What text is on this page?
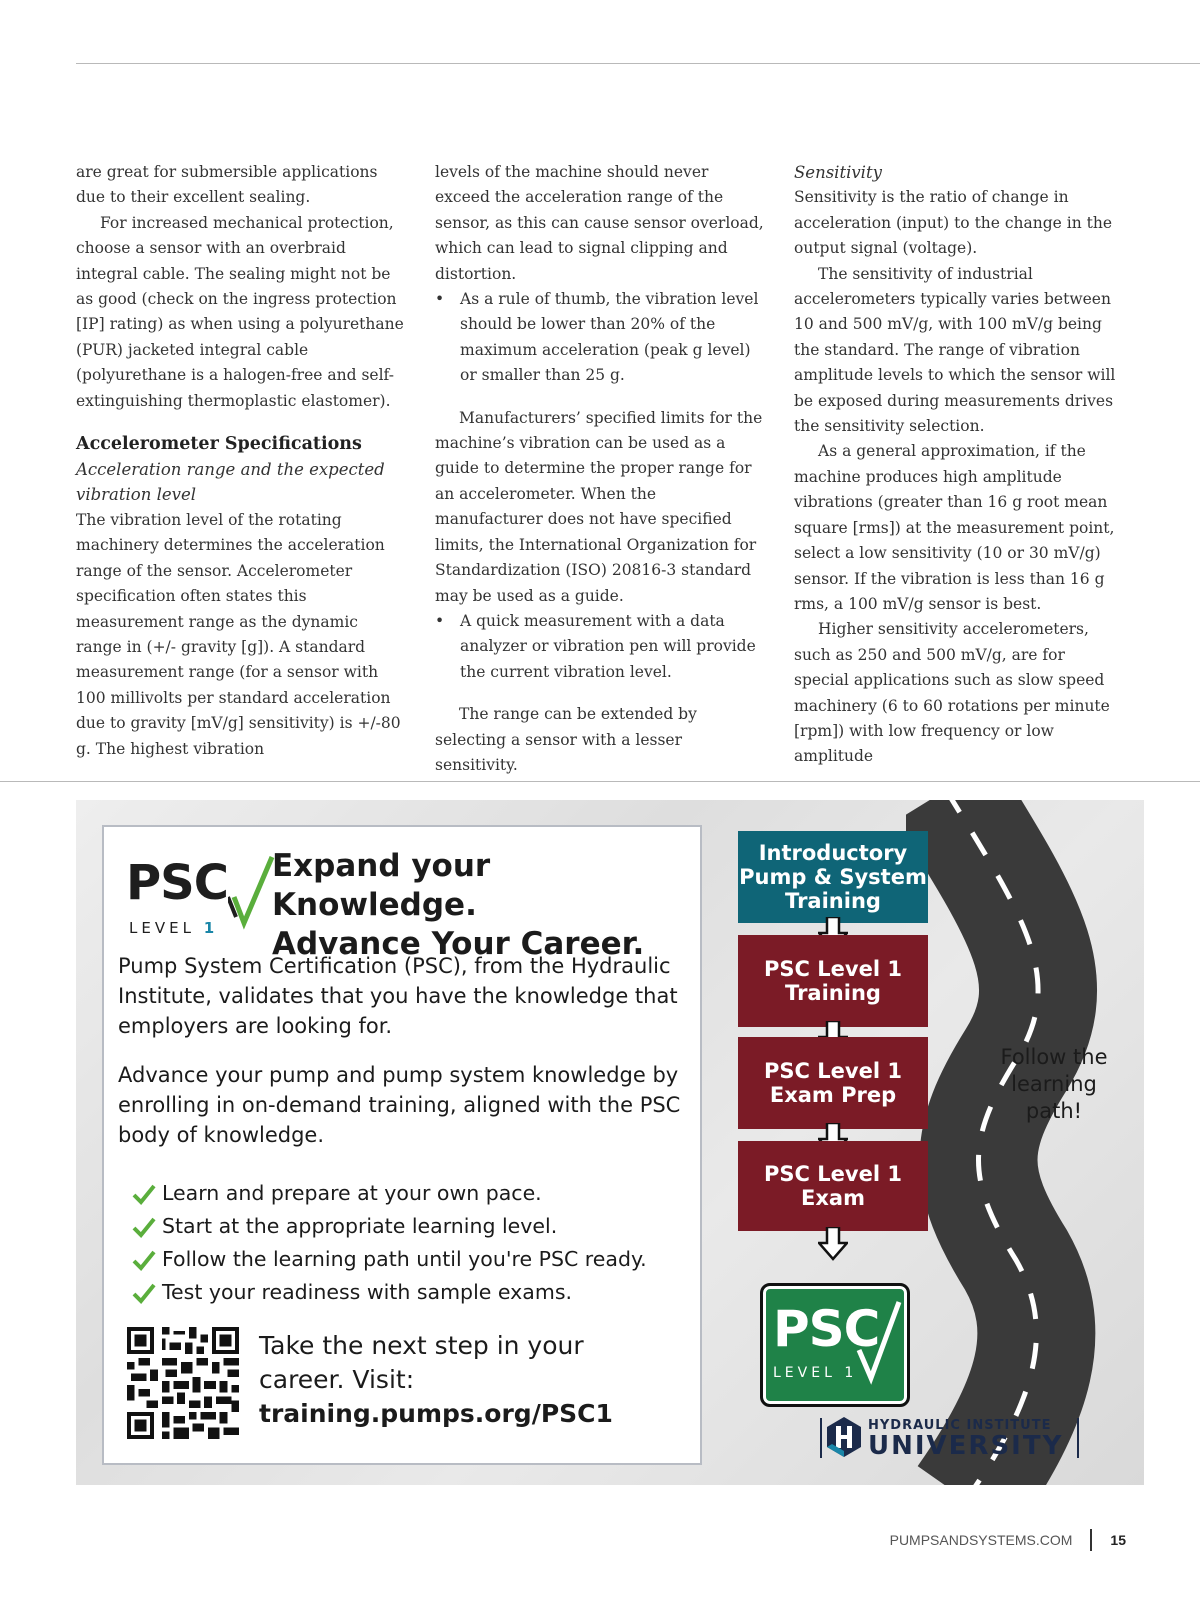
are great for submersible applications due to their excellent sealing.

For increased mechanical protection, choose a sensor with an overbraid integral cable. The sealing might not be as good (check on the ingress protection [IP] rating) as when using a polyurethane (PUR) jacketed integral cable (polyurethane is a halogen-free and self-extinguishing thermoplastic elastomer).

Accelerometer Specifications

Acceleration range and the expected vibration level

The vibration level of the rotating machinery determines the acceleration range of the sensor. Accelerometer specification often states this measurement range as the dynamic range in (+/- gravity [g]). A standard measurement range (for a sensor with 100 millivolts per standard acceleration due to gravity [mV/g] sensitivity) is +/-80 g. The highest vibration

levels of the machine should never exceed the acceleration range of the sensor, as this can cause sensor overload, which can lead to signal clipping and distortion.

• As a rule of thumb, the vibration level should be lower than 20% of the maximum acceleration (peak g level) or smaller than 25 g.

Manufacturers’ specified limits for the machine’s vibration can be used as a guide to determine the proper range for an accelerometer. When the manufacturer does not have specified limits, the International Organization for Standardization (ISO) 20816-3 standard may be used as a guide.

• A quick measurement with a data analyzer or vibration pen will provide the current vibration level.

The range can be extended by selecting a sensor with a lesser sensitivity.

Sensitivity

Sensitivity is the ratio of change in acceleration (input) to the change in the output signal (voltage).

The sensitivity of industrial accelerometers typically varies between 10 and 500 mV/g, with 100 mV/g being the standard. The range of vibration amplitude levels to which the sensor will be exposed during measurements drives the sensitivity selection.

As a general approximation, if the machine produces high amplitude vibrations (greater than 16 g root mean square [rms]) at the measurement point, select a low sensitivity (10 or 30 mV/g) sensor. If the vibration is less than 16 g rms, a 100 mV/g sensor is best.

Higher sensitivity accelerometers, such as 250 and 500 mV/g, are for special applications such as slow speed machinery (6 to 60 rotations per minute [rpm]) with low frequency or low amplitude

PSC
LEVEL 1
Expand your Knowledge.
Advance Your Career.

Pump System Certification (PSC), from the Hydraulic Institute, validates that you have the knowledge that employers are looking for.

Advance your pump and pump system knowledge by enrolling in on-demand training, aligned with the PSC body of knowledge.

Learn and prepare at your own pace.
Start at the appropriate learning level.
Follow the learning path until you're PSC ready.
Test your readiness with sample exams.
Take the next step in your
career. Visit:
training.pumps.org/PSC1
Introductory
Pump & System
Training
PSC Level 1
Training
PSC Level 1
Exam Prep
PSC Level 1
Exam
PSC
LEVEL 1
Follow the learning path!
HYDRAULIC INSTITUTE
UNIVERSITY
PUMPSANDSYSTEMS.COM	15
